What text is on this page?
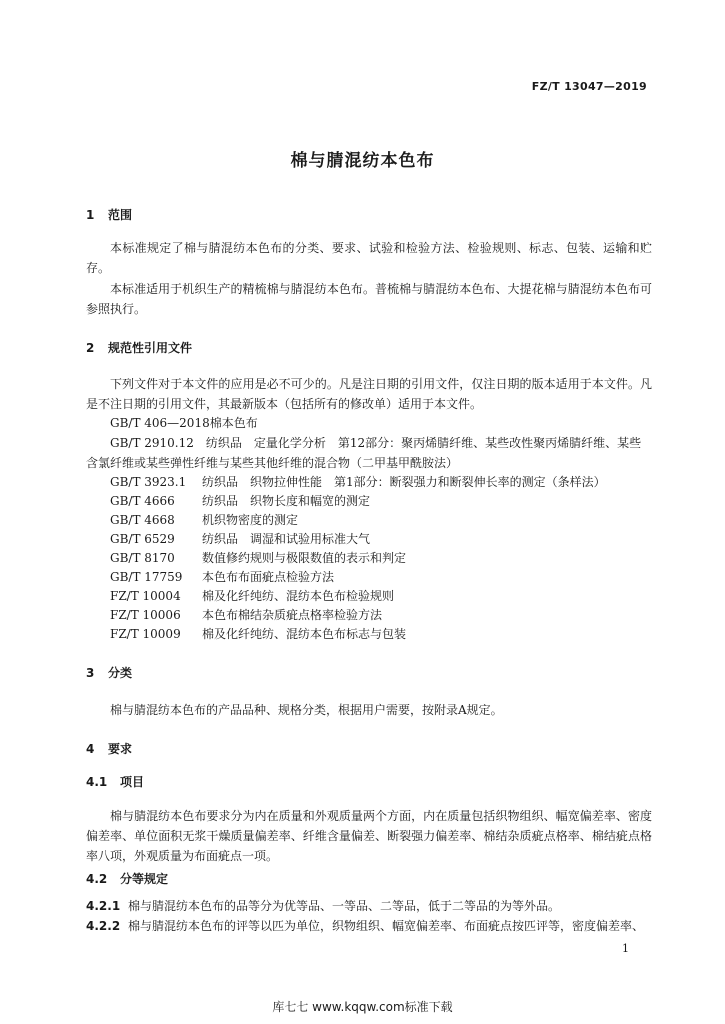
FZ/T 13047—2019
棉与腈混纺本色布
1 范围
本标准规定了棉与腈混纺本色布的分类、要求、试验和检验方法、检验规则、标志、包装、运输和贮存。
本标准适用于机织生产的精梳棉与腈混纺本色布。普梳棉与腈混纺本色布、大提花棉与腈混纺本色布可参照执行。
2 规范性引用文件
下列文件对于本文件的应用是必不可少的。凡是注日期的引用文件，仅注日期的版本适用于本文件。凡是不注日期的引用文件，其最新版本（包括所有的修改单）适用于本文件。
GB/T 406—2018棉本色布
GB/T 2910.12　 纺织品　定量化学分析　第12部分：聚丙烯腈纤维、某些改性聚丙烯腈纤维、某些含氯纤维或某些弹性纤维与某些其他纤维的混合物（二甲基甲酰胺法）
GB/T 3923.1 纺织品　织物拉伸性能　第1部分：断裂强力和断裂伸长率的测定（条样法）
GB/T 4666 纺织品　织物长度和幅宽的测定
GB/T 4668 机织物密度的测定
GB/T 6529 纺织品　调湿和试验用标准大气
GB/T 8170 数值修约规则与极限数值的表示和判定
GB/T 17759 本色布布面疵点检验方法
FZ/T 10004 棉及化纤纯纺、混纺本色布检验规则
FZ/T 10006 本色布棉结杂质疵点格率检验方法
FZ/T 10009 棉及化纤纯纺、混纺本色布标志与包装
3 分类
棉与腈混纺本色布的产品品种、规格分类，根据用户需要，按附录A规定。
4 要求
4.1 项目
棉与腈混纺本色布要求分为内在质量和外观质量两个方面，内在质量包括织物组织、幅宽偏差率、密度偏差率、单位面积无浆干燥质量偏差率、纤维含量偏差、断裂强力偏差率、棉结杂质疵点格率、棉结疵点格率八项，外观质量为布面疵点一项。
4.2 分等规定
4.2.1 棉与腈混纺本色布的品等分为优等品、一等品、二等品，低于二等品的为等外品。
4.2.2 棉与腈混纺本色布的评等以匹为单位，织物组织、幅宽偏差率、布面疵点按匹评等，密度偏差率、
1
库七七 www.kqqw.com标准下载
